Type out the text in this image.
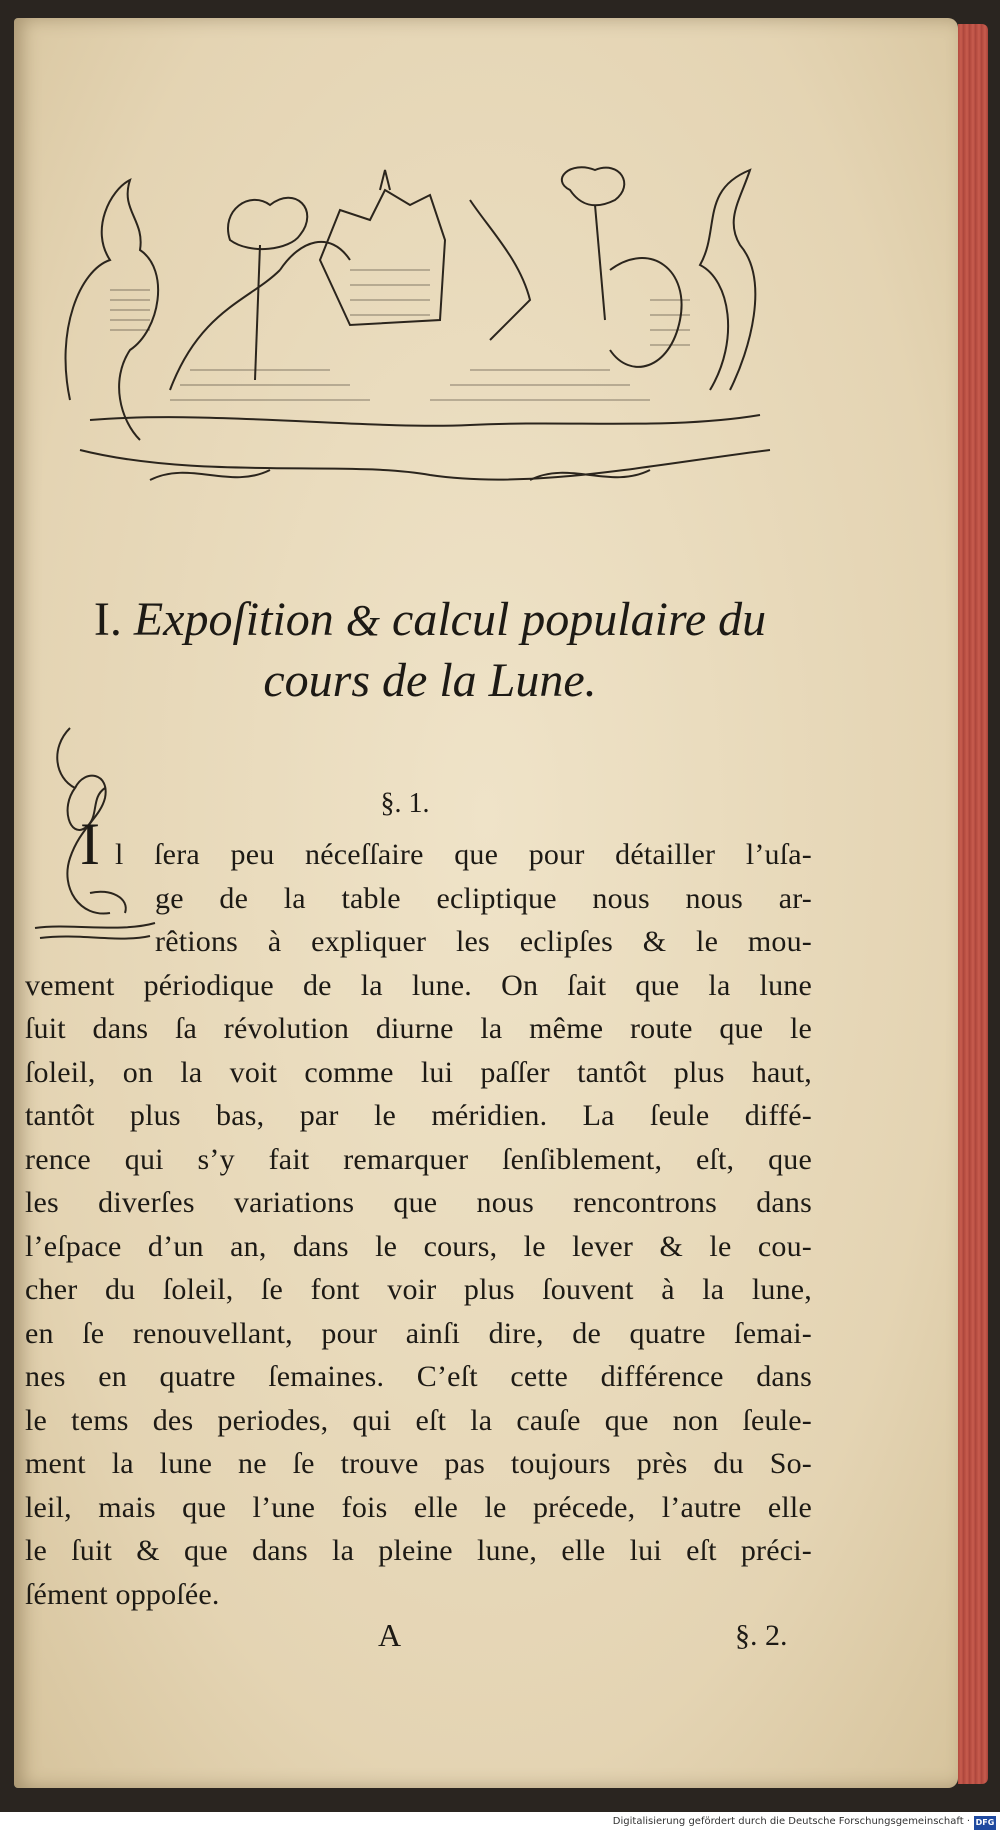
I. Expoſition & calcul populaire du
cours de la Lune.
I
§. 1.
l ſera peu néceſſaire que pour détailler l’uſa-
ge de la table ecliptique nous nous ar-
rêtions à expliquer les eclipſes & le mou-
vement périodique de la lune. On ſait que la lune
ſuit dans ſa révolution diurne la même route que le
ſoleil, on la voit comme lui paſſer tantôt plus haut,
tantôt plus bas, par le méridien. La ſeule diffé-
rence qui s’y fait remarquer ſenſiblement, eſt, que
les diverſes variations que nous rencontrons dans
l’eſpace d’un an, dans le cours, le lever & le cou-
cher du ſoleil, ſe font voir plus ſouvent à la lune,
en ſe renouvellant, pour ainſi dire, de quatre ſemai-
nes en quatre ſemaines. C’eſt cette différence dans
le tems des periodes, qui eſt la cauſe que non ſeule-
ment la lune ne ſe trouve pas toujours près du So-
leil, mais que l’une fois elle le précede, l’autre elle
le ſuit & que dans la pleine lune, elle lui eſt préci-
ſément oppoſée.
A	§. 2.
Digitalisierung gefördert durch die Deutsche Forschungsgemeinschaft · DFG
